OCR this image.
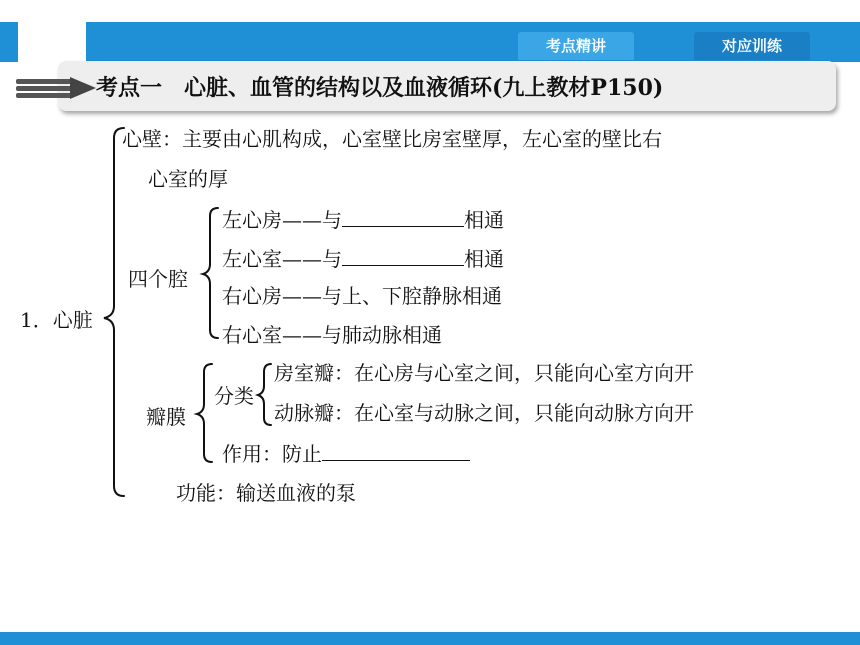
考点精讲	对应训练
考点一　心脏、血管的结构以及血液循环(九上教材P150)
心壁：主要由心肌构成，心室壁比房室壁厚，左心室的壁比右
心室的厚
左心房——与	相通
左心室——与	相通
四个腔
右心房——与上、下腔静脉相通
1．心脏
右心室——与肺动脉相通
房室瓣：在心房与心室之间，只能向心室方向开
分类
动脉瓣：在心室与动脉之间，只能向动脉方向开
瓣膜
作用：防止
功能：输送血液的泵
